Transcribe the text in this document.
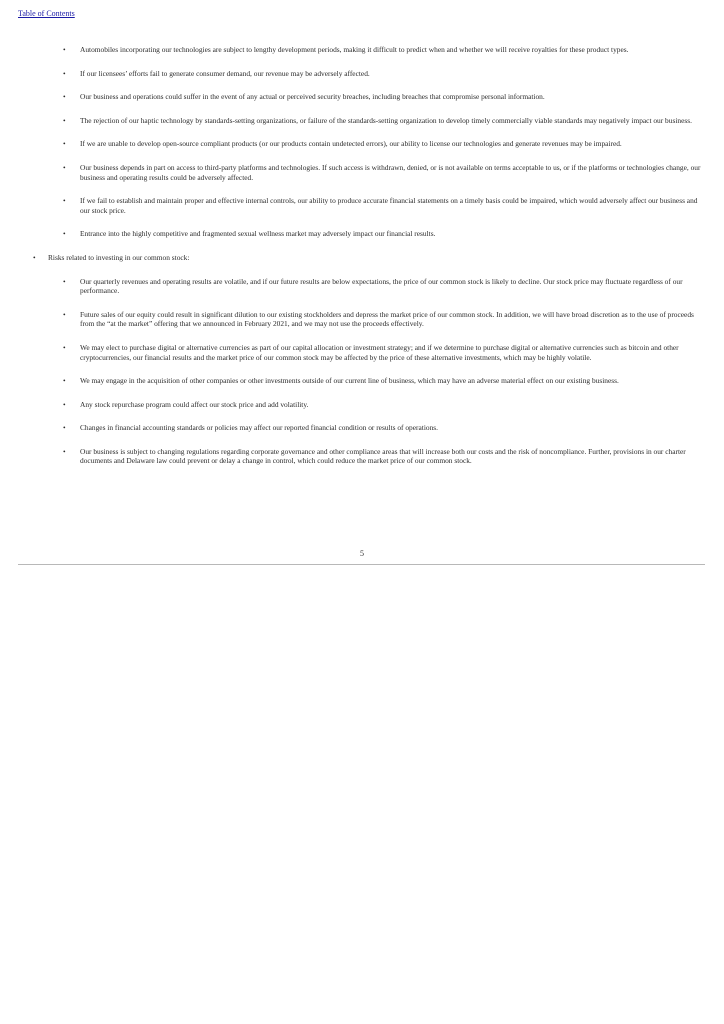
Table of Contents
• Automobiles incorporating our technologies are subject to lengthy development periods, making it difficult to predict when and whether we will receive royalties for these product types.
• If our licensees’ efforts fail to generate consumer demand, our revenue may be adversely affected.
• Our business and operations could suffer in the event of any actual or perceived security breaches, including breaches that compromise personal information.
• The rejection of our haptic technology by standards-setting organizations, or failure of the standards-setting organization to develop timely commercially viable standards may negatively impact our business.
• If we are unable to develop open-source compliant products (or our products contain undetected errors), our ability to license our technologies and generate revenues may be impaired.
• Our business depends in part on access to third-party platforms and technologies. If such access is withdrawn, denied, or is not available on terms acceptable to us, or if the platforms or technologies change, our business and operating results could be adversely affected.
• If we fail to establish and maintain proper and effective internal controls, our ability to produce accurate financial statements on a timely basis could be impaired, which would adversely affect our business and our stock price.
• Entrance into the highly competitive and fragmented sexual wellness market may adversely impact our financial results.
• Risks related to investing in our common stock:
• Our quarterly revenues and operating results are volatile, and if our future results are below expectations, the price of our common stock is likely to decline. Our stock price may fluctuate regardless of our performance.
• Future sales of our equity could result in significant dilution to our existing stockholders and depress the market price of our common stock. In addition, we will have broad discretion as to the use of proceeds from the “at the market” offering that we announced in February 2021, and we may not use the proceeds effectively.
• We may elect to purchase digital or alternative currencies as part of our capital allocation or investment strategy; and if we determine to purchase digital or alternative currencies such as bitcoin and other cryptocurrencies, our financial results and the market price of our common stock may be affected by the price of these alternative investments, which may be highly volatile.
• We may engage in the acquisition of other companies or other investments outside of our current line of business, which may have an adverse material effect on our existing business.
• Any stock repurchase program could affect our stock price and add volatility.
• Changes in financial accounting standards or policies may affect our reported financial condition or results of operations.
• Our business is subject to changing regulations regarding corporate governance and other compliance areas that will increase both our costs and the risk of noncompliance. Further, provisions in our charter documents and Delaware law could prevent or delay a change in control, which could reduce the market price of our common stock.
5
